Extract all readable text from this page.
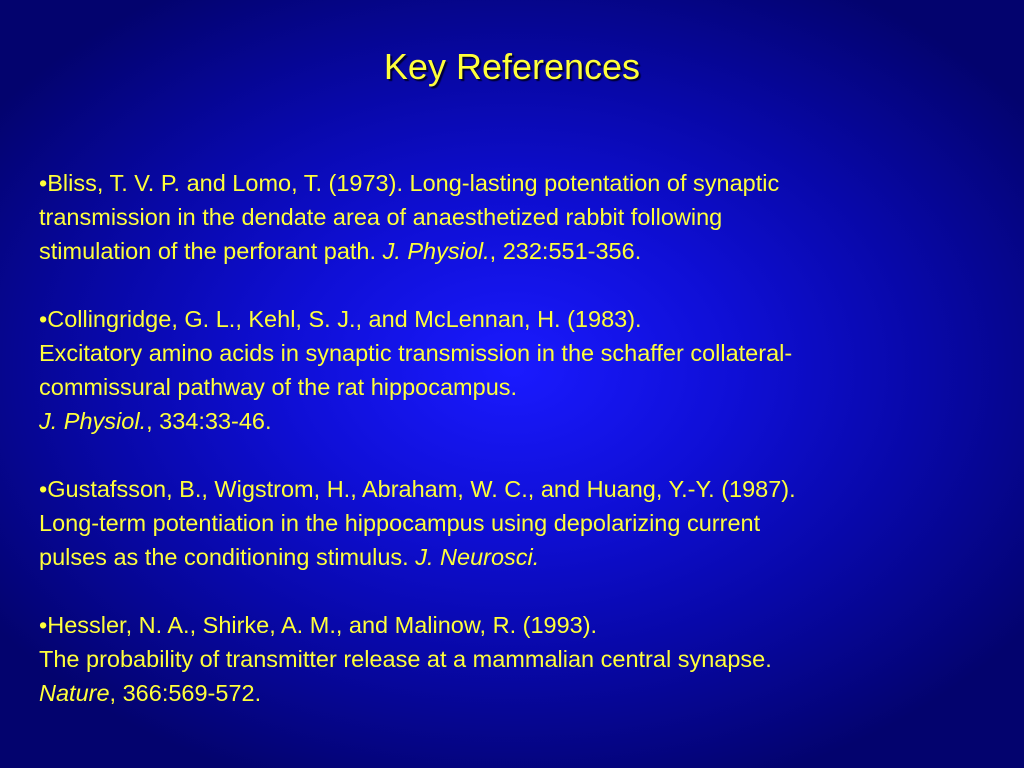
Key References
•Bliss, T. V. P. and Lomo, T. (1973). Long-lasting potentation of synaptic
transmission in the dendate area of anaesthetized rabbit following
stimulation of the perforant path. J. Physiol., 232:551-356.
•Collingridge, G. L., Kehl, S. J., and McLennan, H. (1983).
Excitatory amino acids in synaptic transmission in the schaffer collateral-
commissural pathway of the rat hippocampus.
J. Physiol., 334:33-46.
•Gustafsson, B., Wigstrom, H., Abraham, W. C., and Huang, Y.-Y. (1987).
Long-term potentiation in the hippocampus using depolarizing current
pulses as the conditioning stimulus. J. Neurosci.
•Hessler, N. A., Shirke, A. M., and Malinow, R. (1993).
The probability of transmitter release at a mammalian central synapse.
Nature, 366:569-572.
